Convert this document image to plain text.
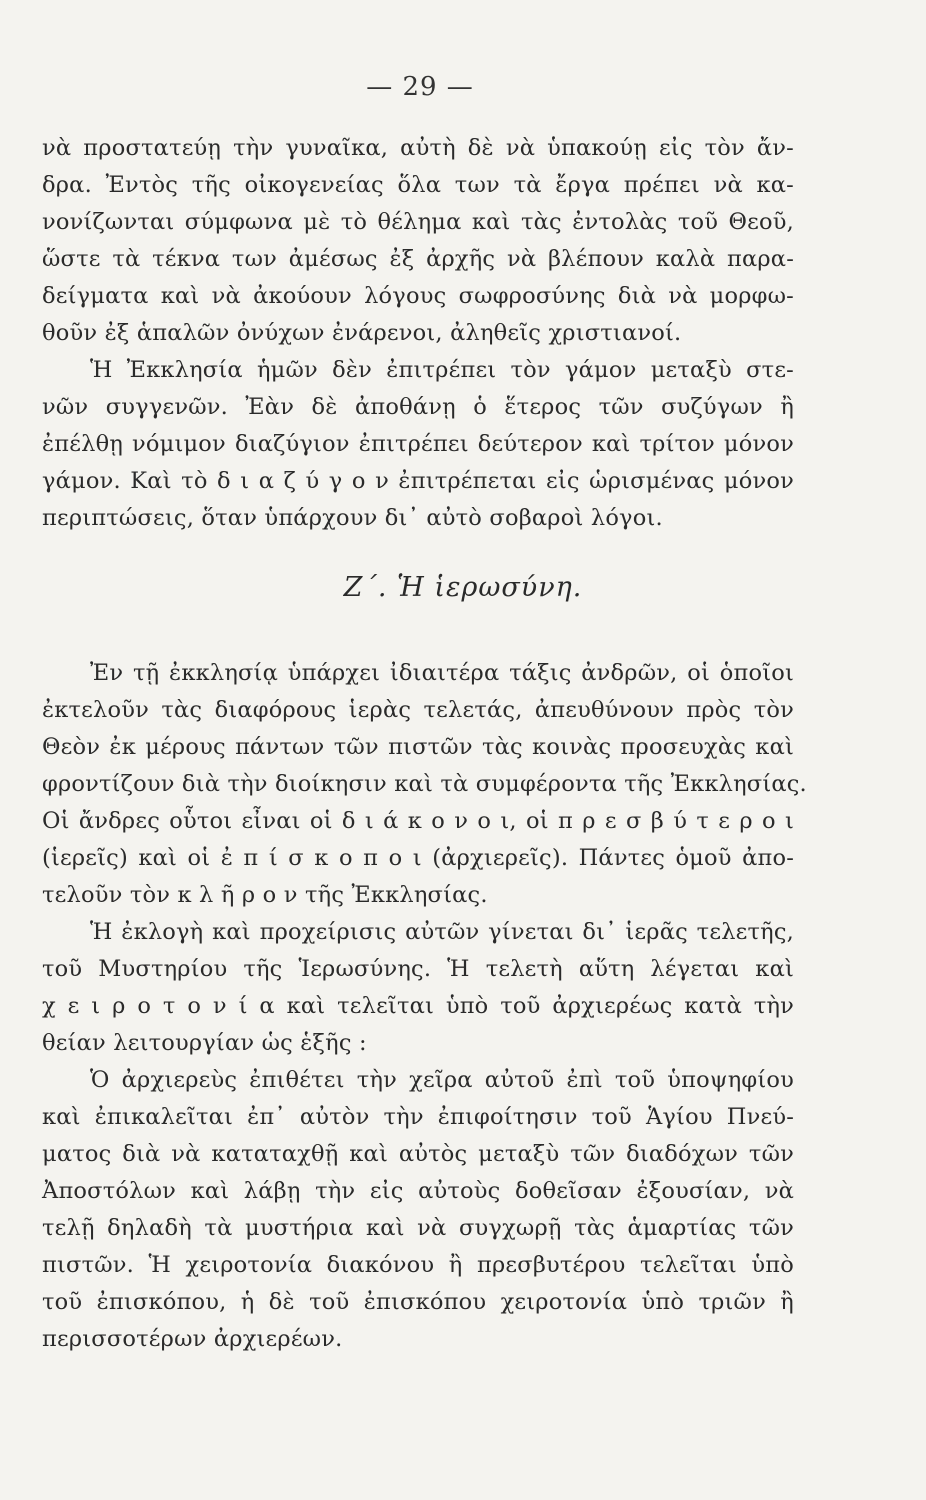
— 29 —
νὰ προστατεύῃ τὴν γυναῖκα, αὐτὴ δὲ νὰ ὑπακούῃ εἰς τὸν ἄν-
δρα. Ἐντὸς τῆς οἰκογενείας ὅλα των τὰ ἔργα πρέπει νὰ κα-
νονίζωνται σύμφωνα μὲ τὸ θέλημα καὶ τὰς ἐντολὰς τοῦ Θεοῦ,
ὥστε τὰ τέκνα των ἀμέσως ἐξ ἀρχῆς νὰ βλέπουν καλὰ παρα-
δείγματα καὶ νὰ ἀκούουν λόγους σωφροσύνης διὰ νὰ μορφω-
θοῦν ἐξ ἁπαλῶν ὀνύχων ἐνάρενοι, ἀληθεῖς χριστιανοί.
Ἡ Ἐκκλησία ἡμῶν δὲν ἐπιτρέπει τὸν γάμον μεταξὺ στε-
νῶν συγγενῶν. Ἐὰν δὲ ἀποθάνῃ ὁ ἕτερος τῶν συζύγων ἢ
ἐπέλθῃ νόμιμον διαζύγιον ἐπιτρέπει δεύτερον καὶ τρίτον μόνον
γάμον. Καὶ τὸ δ ι α ζ ύ γ ο ν ἐπιτρέπεται εἰς ὡρισμένας μόνον
περιπτώσεις, ὅταν ὑπάρχουν δι᾿ αὐτὸ σοβαροὶ λόγοι.
Ζ΄. Ἡ ἱερωσύνη.
Ἐν τῇ ἐκκλησίᾳ ὑπάρχει ἰδιαιτέρα τάξις ἀνδρῶν, οἱ ὁποῖοι
ἐκτελοῦν τὰς διαφόρους ἱερὰς τελετάς, ἀπευθύνουν πρὸς τὸν
Θεὸν ἐκ μέρους πάντων τῶν πιστῶν τὰς κοινὰς προσευχὰς καὶ
φροντίζουν διὰ τὴν διοίκησιν καὶ τὰ συμφέροντα τῆς Ἐκκλησίας.
Οἱ ἄνδρες οὗτοι εἶναι οἱ δ ι ά κ ο ν ο ι, οἱ π ρ ε σ β ύ τ ε ρ ο ι
(ἱερεῖς) καὶ οἱ ἐ π ί σ κ ο π ο ι (ἀρχιερεῖς). Πάντες ὁμοῦ ἀπο-
τελοῦν τὸν κ λ ῆ ρ ο ν τῆς Ἐκκλησίας.
Ἡ ἐκλογὴ καὶ προχείρισις αὐτῶν γίνεται δι᾿ ἱερᾶς τελετῆς,
τοῦ Μυστηρίου τῆς Ἱερωσύνης. Ἡ τελετὴ αὕτη λέγεται καὶ
χ ε ι ρ ο τ ο ν ί α καὶ τελεῖται ὑπὸ τοῦ ἀρχιερέως κατὰ τὴν
θείαν λειτουργίαν ὡς ἑξῆς :
Ὁ ἀρχιερεὺς ἐπιθέτει τὴν χεῖρα αὐτοῦ ἐπὶ τοῦ ὑποψηφίου
καὶ ἐπικαλεῖται ἐπ᾿ αὐτὸν τὴν ἐπιφοίτησιν τοῦ Ἁγίου Πνεύ-
ματος διὰ νὰ καταταχθῇ καὶ αὐτὸς μεταξὺ τῶν διαδόχων τῶν
Ἀποστόλων καὶ λάβῃ τὴν εἰς αὐτοὺς δοθεῖσαν ἐξουσίαν, νὰ
τελῇ δηλαδὴ τὰ μυστήρια καὶ νὰ συγχωρῇ τὰς ἁμαρτίας τῶν
πιστῶν. Ἡ χειροτονία διακόνου ἢ πρεσβυτέρου τελεῖται ὑπὸ
τοῦ ἐπισκόπου, ἡ δὲ τοῦ ἐπισκόπου χειροτονία ὑπὸ τριῶν ἢ
περισσοτέρων ἀρχιερέων.
